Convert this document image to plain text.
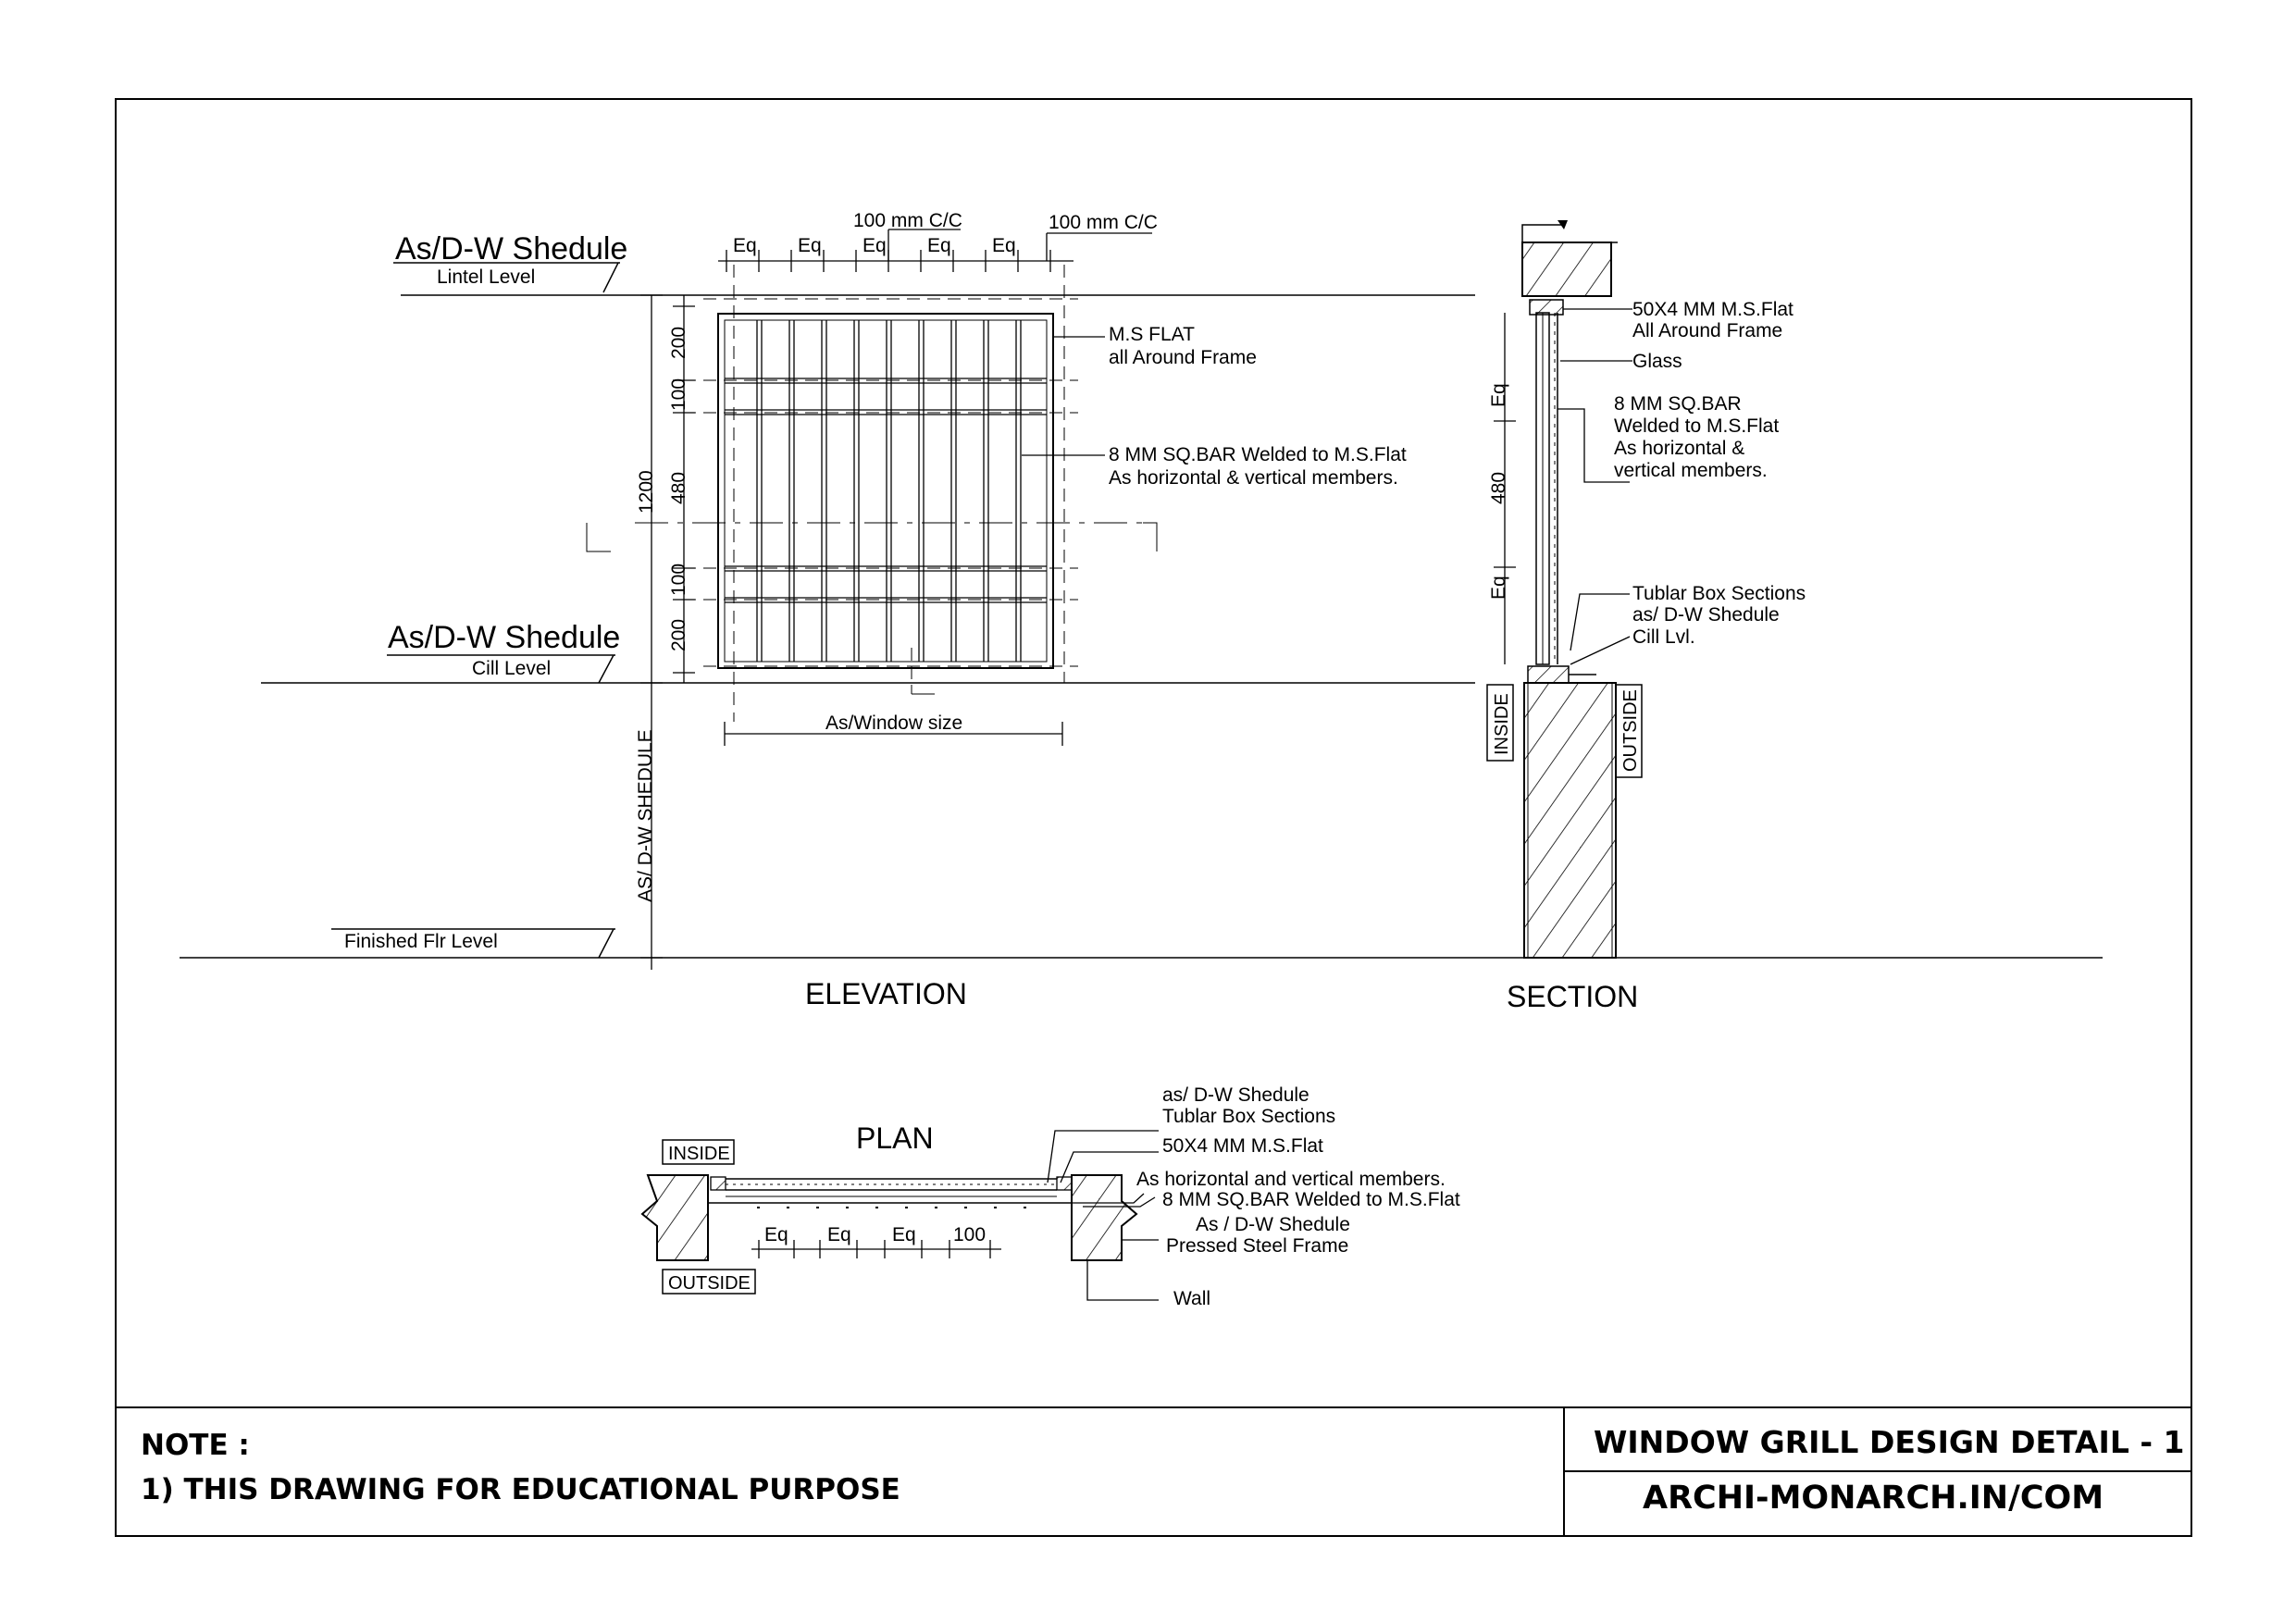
As/D-W Shedule
Lintel Level
As/D-W Shedule
Cill Level
Finished Flr Level
Eq Eq Eq Eq Eq
100 mm C/C	100 mm C/C
200
100
480
100
200
1200
AS/ D-W SHEDULE
As/Window size
M.S FLAT
all Around Frame
8 MM SQ.BAR Welded to M.S.Flat
As horizontal & vertical members.
ELEVATION
Eq
480
Eq
INSIDE	OUTSIDE
50X4 MM M.S.Flat
All Around Frame
Glass
8 MM SQ.BAR
Welded to M.S.Flat
As horizontal &
vertical members.
Tublar Box Sections
as/ D-W Shedule
Cill Lvl.
SECTION
PLAN
INSIDE
OUTSIDE
Eq Eq Eq 100
as/ D-W Shedule
Tublar Box Sections
50X4 MM M.S.Flat
As horizontal and vertical members.
8 MM SQ.BAR Welded to M.S.Flat
As / D-W Shedule
Pressed Steel Frame
Wall
NOTE :
1) THIS DRAWING FOR EDUCATIONAL PURPOSE
WINDOW GRILL DESIGN DETAIL - 1
ARCHI-MONARCH.IN/COM
